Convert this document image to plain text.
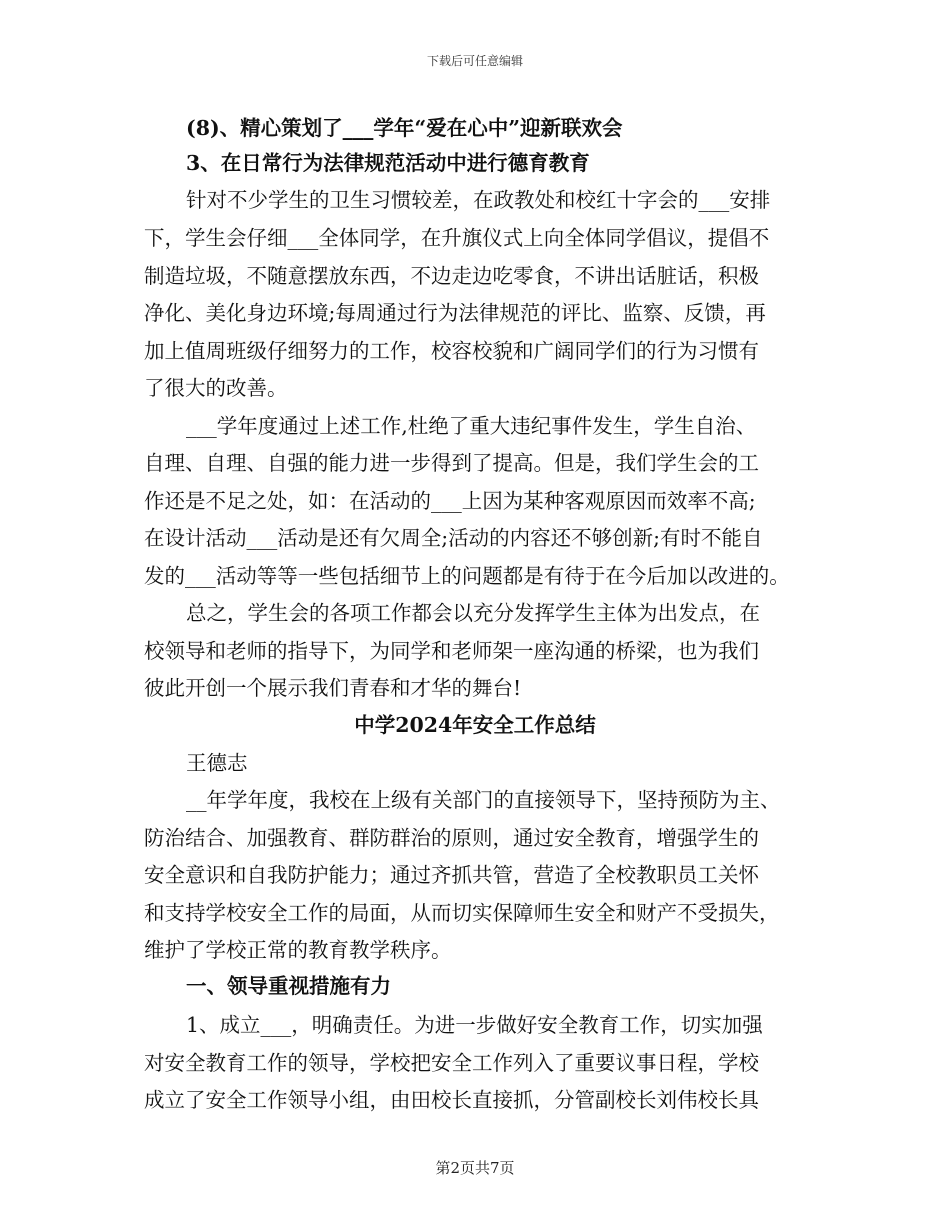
下载后可任意编辑
(8)、精心策划了___学年“爱在心中”迎新联欢会
3、在日常行为法律规范活动中进行德育教育
针对不少学生的卫生习惯较差，在政教处和校红十字会的___安排
下，学生会仔细___全体同学，在升旗仪式上向全体同学倡议，提倡不
制造垃圾，不随意摆放东西，不边走边吃零食，不讲出话脏话，积极
净化、美化身边环境;每周通过行为法律规范的评比、监察、反馈，再
加上值周班级仔细努力的工作，校容校貌和广阔同学们的行为习惯有
了很大的改善。
___学年度通过上述工作,杜绝了重大违纪事件发生，学生自治、
自理、自理、自强的能力进一步得到了提高。但是，我们学生会的工
作还是不足之处，如：在活动的___上因为某种客观原因而效率不高;
在设计活动___活动是还有欠周全;活动的内容还不够创新;有时不能自
发的___活动等等一些包括细节上的问题都是有待于在今后加以改进的。
总之，学生会的各项工作都会以充分发挥学生主体为出发点，在
校领导和老师的指导下，为同学和老师架一座沟通的桥梁，也为我们
彼此开创一个展示我们青春和才华的舞台!
中学2024年安全工作总结
王德志
__年学年度，我校在上级有关部门的直接领导下，坚持预防为主、
防治结合、加强教育、群防群治的原则，通过安全教育，增强学生的
安全意识和自我防护能力；通过齐抓共管，营造了全校教职员工关怀
和支持学校安全工作的局面，从而切实保障师生安全和财产不受损失，
维护了学校正常的教育教学秩序。
一、领导重视措施有力
1、成立___，明确责任。为进一步做好安全教育工作，切实加强
对安全教育工作的领导，学校把安全工作列入了重要议事日程，学校
成立了安全工作领导小组，由田校长直接抓，分管副校长刘伟校长具
第2页共7页
